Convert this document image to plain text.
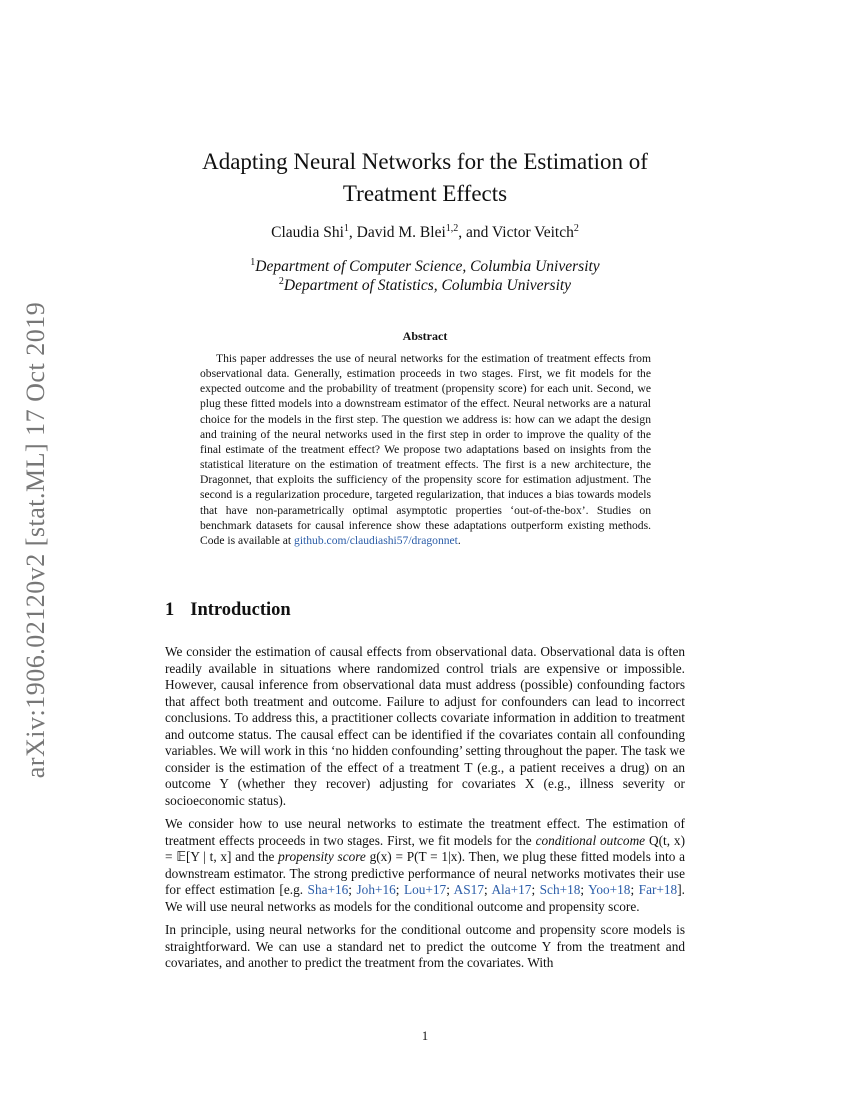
arXiv:1906.02120v2 [stat.ML] 17 Oct 2019
Adapting Neural Networks for the Estimation of
Treatment Effects
Claudia Shi$^1$, David M. Blei$^{1,2}$, and Victor Veitch$^2$
$^1$Department of Computer Science, Columbia University
$^2$Department of Statistics, Columbia University
Abstract

This paper addresses the use of neural networks for the estimation of treatment effects from observational data. Generally, estimation proceeds in two stages. First, we fit models for the expected outcome and the probability of treatment (propensity score) for each unit. Second, we plug these fitted models into a downstream estimator of the effect. Neural networks are a natural choice for the models in the first step. The question we address is: how can we adapt the design and training of the neural networks used in the first step in order to improve the quality of the final estimate of the treatment effect? We propose two adaptations based on insights from the statistical literature on the estimation of treatment effects. The first is a new architecture, the Dragonnet, that exploits the sufficiency of the propensity score for estimation adjustment. The second is a regularization procedure, targeted regularization, that induces a bias towards models that have non-parametrically optimal asymptotic properties ‘out-of-the-box’. Studies on benchmark datasets for causal inference show these adaptations outperform existing methods. Code is available at github.com/claudiashi57/dragonnet.

1 Introduction

We consider the estimation of causal effects from observational data. Observational data is often readily available in situations where randomized control trials are expensive or impossible. However, causal inference from observational data must address (possible) confounding factors that affect both treatment and outcome. Failure to adjust for confounders can lead to incorrect conclusions. To address this, a practitioner collects covariate information in addition to treatment and outcome status. The causal effect can be identified if the covariates contain all confounding variables. We will work in this ‘no hidden confounding’ setting throughout the paper. The task we consider is the estimation of the effect of a treatment T (e.g., a patient receives a drug) on an outcome Y (whether they recover) adjusting for covariates X (e.g., illness severity or socioeconomic status).

We consider how to use neural networks to estimate the treatment effect. The estimation of treatment effects proceeds in two stages. First, we fit models for the conditional outcome Q(t, x) = 𝔼[Y | t, x] and the propensity score g(x) = P(T = 1|x). Then, we plug these fitted models into a downstream estimator. The strong predictive performance of neural networks motivates their use for effect estimation [e.g. Sha+16; Joh+16; Lou+17; AS17; Ala+17; Sch+18; Yoo+18; Far+18]. We will use neural networks as models for the conditional outcome and propensity score.

In principle, using neural networks for the conditional outcome and propensity score models is straightforward. We can use a standard net to predict the outcome Y from the treatment and covariates, and another to predict the treatment from the covariates. With

1
